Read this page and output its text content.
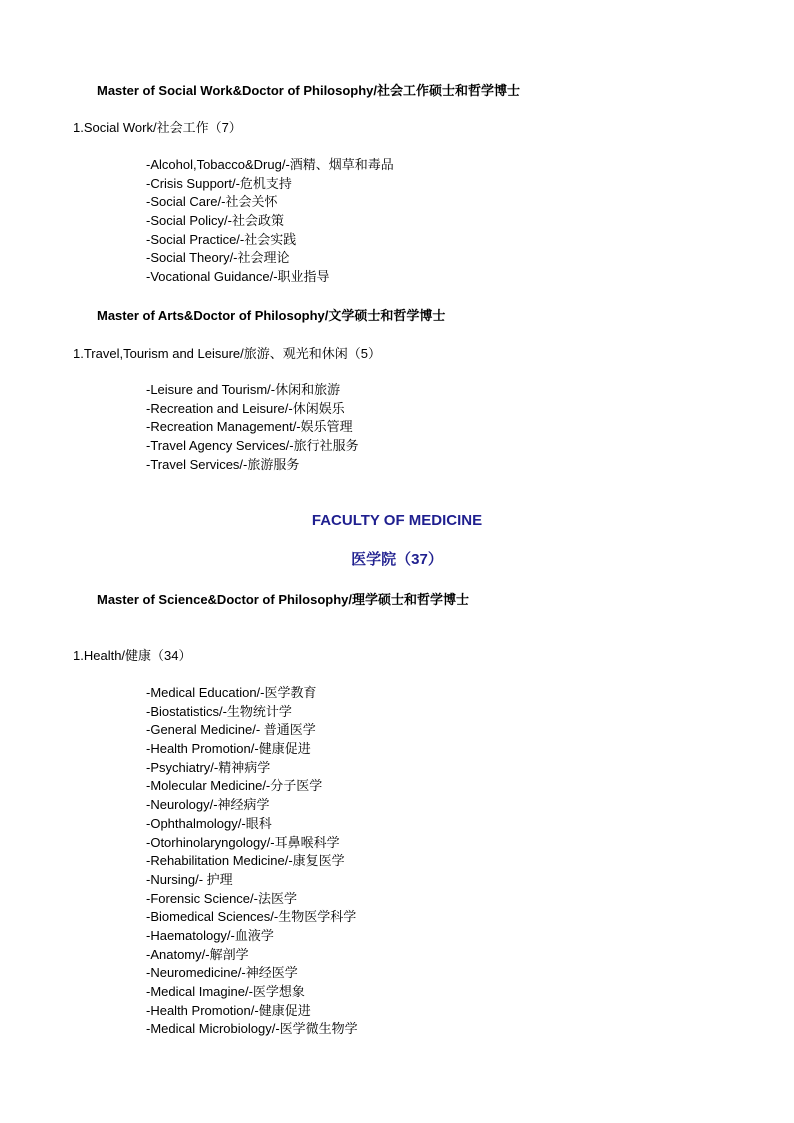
Master of Social Work&Doctor of Philosophy/社会工作硕士和哲学博士
1.Social Work/社会工作（7）
-Alcohol,Tobacco&Drug/-酒精、烟草和毒品
-Crisis Support/-危机支持
-Social Care/-社会关怀
-Social Policy/-社会政策
-Social Practice/-社会实践
-Social Theory/-社会理论
-Vocational Guidance/-职业指导
Master of Arts&Doctor of Philosophy/文学硕士和哲学博士
1.Travel,Tourism and Leisure/旅游、观光和休闲（5）
-Leisure and Tourism/-休闲和旅游
-Recreation and Leisure/-休闲娱乐
-Recreation Management/-娱乐管理
-Travel Agency Services/-旅行社服务
-Travel Services/-旅游服务
FACULTY OF MEDICINE
医学院（37）
Master of Science&Doctor of Philosophy/理学硕士和哲学博士
1.Health/健康（34）
-Medical Education/-医学教育
-Biostatistics/-生物统计学
-General Medicine/- 普通医学
-Health Promotion/-健康促进
-Psychiatry/-精神病学
-Molecular Medicine/-分子医学
-Neurology/-神经病学
-Ophthalmology/-眼科
-Otorhinolaryngology/-耳鼻喉科学
-Rehabilitation Medicine/-康复医学
-Nursing/- 护理
-Forensic Science/-法医学
-Biomedical Sciences/-生物医学科学
-Haematology/-血液学
-Anatomy/-解剖学
-Neuromedicine/-神经医学
-Medical Imagine/-医学想象
-Health Promotion/-健康促进
-Medical Microbiology/-医学微生物学
